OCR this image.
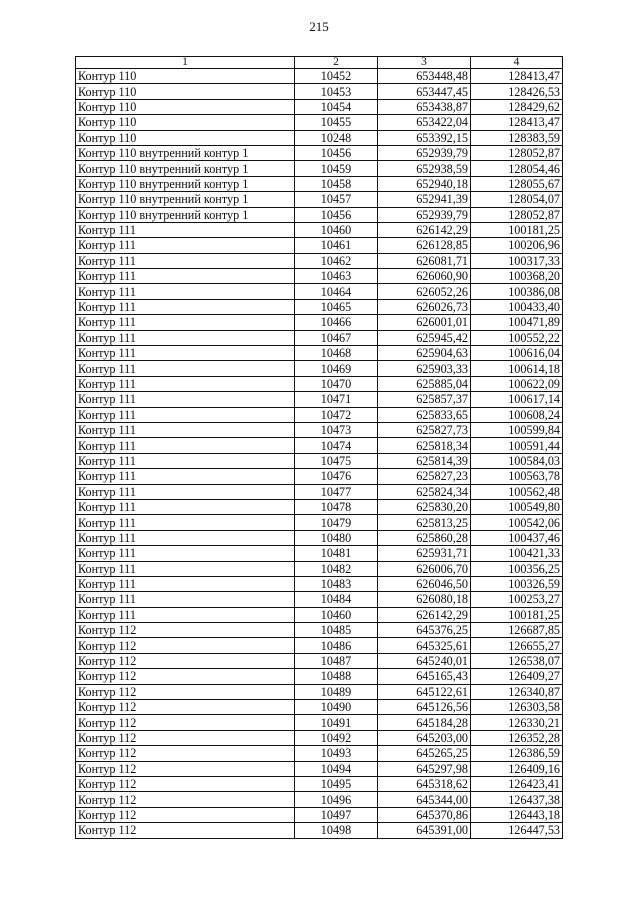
215
1	2	3	4
Контур 110	10452	653448,48	128413,47
Контур 110	10453	653447,45	128426,53
Контур 110	10454	653438,87	128429,62
Контур 110	10455	653422,04	128413,47
Контур 110	10248	653392,15	128383,59
Контур 110 внутренний контур 1	10456	652939,79	128052,87
Контур 110 внутренний контур 1	10459	652938,59	128054,46
Контур 110 внутренний контур 1	10458	652940,18	128055,67
Контур 110 внутренний контур 1	10457	652941,39	128054,07
Контур 110 внутренний контур 1	10456	652939,79	128052,87
Контур 111	10460	626142,29	100181,25
Контур 111	10461	626128,85	100206,96
Контур 111	10462	626081,71	100317,33
Контур 111	10463	626060,90	100368,20
Контур 111	10464	626052,26	100386,08
Контур 111	10465	626026,73	100433,40
Контур 111	10466	626001,01	100471,89
Контур 111	10467	625945,42	100552,22
Контур 111	10468	625904,63	100616,04
Контур 111	10469	625903,33	100614,18
Контур 111	10470	625885,04	100622,09
Контур 111	10471	625857,37	100617,14
Контур 111	10472	625833,65	100608,24
Контур 111	10473	625827,73	100599,84
Контур 111	10474	625818,34	100591,44
Контур 111	10475	625814,39	100584,03
Контур 111	10476	625827,23	100563,78
Контур 111	10477	625824,34	100562,48
Контур 111	10478	625830,20	100549,80
Контур 111	10479	625813,25	100542,06
Контур 111	10480	625860,28	100437,46
Контур 111	10481	625931,71	100421,33
Контур 111	10482	626006,70	100356,25
Контур 111	10483	626046,50	100326,59
Контур 111	10484	626080,18	100253,27
Контур 111	10460	626142,29	100181,25
Контур 112	10485	645376,25	126687,85
Контур 112	10486	645325,61	126655,27
Контур 112	10487	645240,01	126538,07
Контур 112	10488	645165,43	126409,27
Контур 112	10489	645122,61	126340,87
Контур 112	10490	645126,56	126303,58
Контур 112	10491	645184,28	126330,21
Контур 112	10492	645203,00	126352,28
Контур 112	10493	645265,25	126386,59
Контур 112	10494	645297,98	126409,16
Контур 112	10495	645318,62	126423,41
Контур 112	10496	645344,00	126437,38
Контур 112	10497	645370,86	126443,18
Контур 112	10498	645391,00	126447,53
